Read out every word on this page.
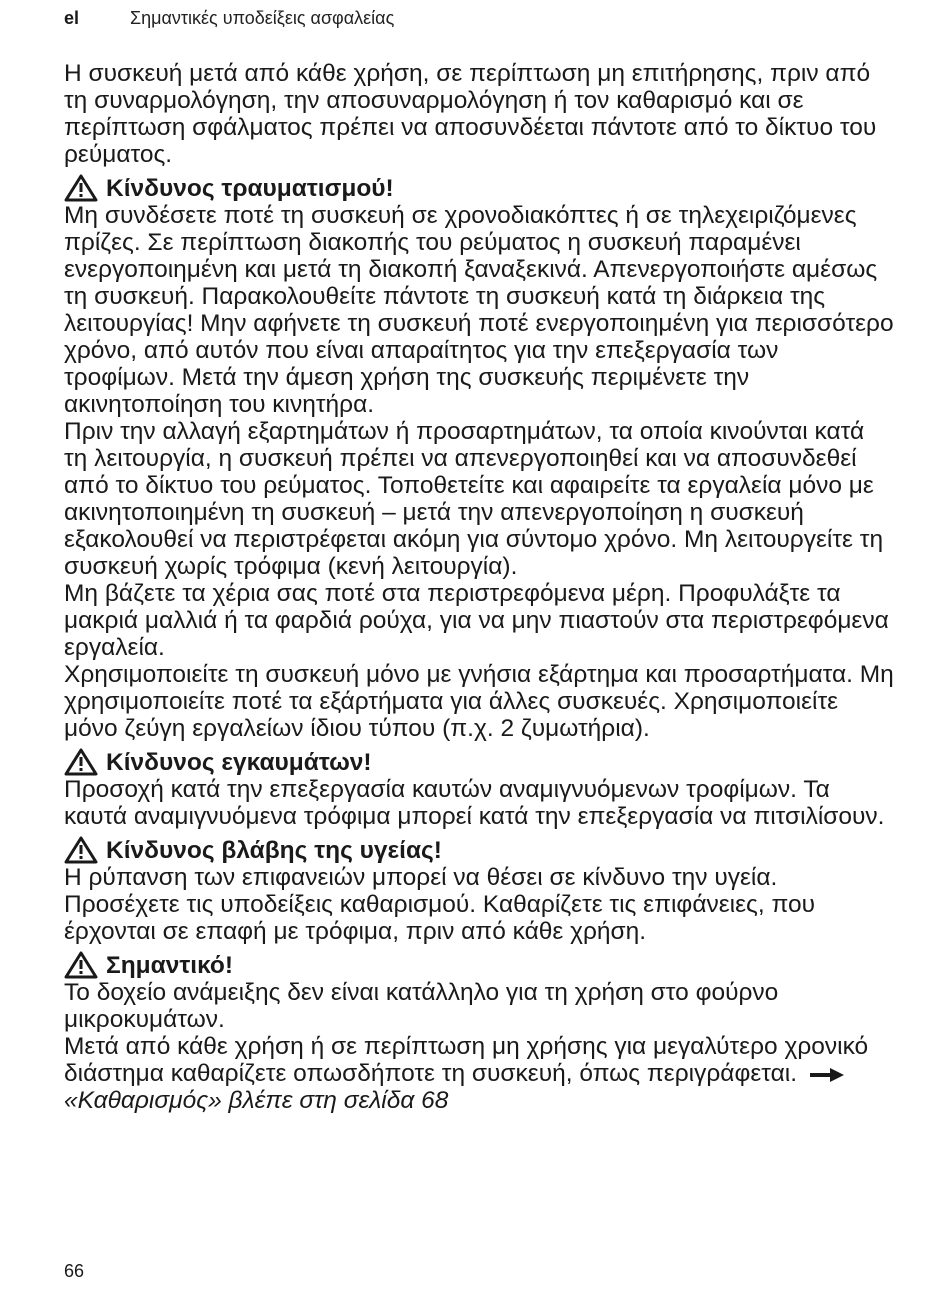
el	Σημαντικές υποδείξεις ασφαλείας

Η συσκευή μετά από κάθε χρήση, σε περίπτωση μη επιτήρησης, πριν από τη συναρμολόγηση, την αποσυναρμολόγηση ή τον καθαρισμό και σε περίπτωση σφάλματος πρέπει να αποσυνδέεται πάντοτε από το δίκτυο του ρεύματος.

Κίνδυνος τραυματισμού!

Μη συνδέσετε ποτέ τη συσκευή σε χρονοδιακόπτες ή σε τηλεχειριζόμενες πρίζες. Σε περίπτωση διακοπής του ρεύματος η συσκευή παραμένει ενεργοποιημένη και μετά τη διακοπή ξαναξεκινά. Απενεργοποιήστε αμέσως τη συσκευή. Παρακολουθείτε πάντοτε τη συσκευή κατά τη διάρκεια της λειτουργίας! Μην αφήνετε τη συσκευή ποτέ ενεργοποιημένη για περισσότερο χρόνο, από αυτόν που είναι απαραίτητος για την επεξεργασία των τροφίμων. Μετά την άμεση χρήση της συσκευής περιμένετε την ακινητοποίηση του κινητήρα.

Πριν την αλλαγή εξαρτημάτων ή προσαρτημάτων, τα οποία κινούνται κατά τη λειτουργία, η συσκευή πρέπει να απενεργοποιηθεί και να αποσυνδεθεί από το δίκτυο του ρεύματος. Τοποθετείτε και αφαιρείτε τα εργαλεία μόνο με ακινητοποιημένη τη συσκευή – μετά την απενεργοποίηση η συσκευή εξακολουθεί να περιστρέφεται ακόμη για σύντομο χρόνο. Μη λειτουργείτε τη συσκευή χωρίς τρόφιμα (κενή λειτουργία).

Μη βάζετε τα χέρια σας ποτέ στα περιστρεφόμενα μέρη. Προφυλάξτε τα μακριά μαλλιά ή τα φαρδιά ρούχα, για να μην πιαστούν στα περιστρεφόμενα εργαλεία.

Χρησιμοποιείτε τη συσκευή μόνο με γνήσια εξάρτημα και προσαρτήματα. Μη χρησιμοποιείτε ποτέ τα εξάρτήματα για άλλες συσκευές. Χρησιμοποιείτε μόνο ζεύγη εργαλείων ίδιου τύπου (π.χ. 2 ζυμωτήρια).

Κίνδυνος εγκαυμάτων!

Προσοχή κατά την επεξεργασία καυτών αναμιγνυόμενων τροφίμων. Τα καυτά αναμιγνυόμενα τρόφιμα μπορεί κατά την επεξεργασία να πιτσιλίσουν.

Κίνδυνος βλάβης της υγείας!

Η ρύπανση των επιφανειών μπορεί να θέσει σε κίνδυνο την υγεία. Προσέχετε τις υποδείξεις καθαρισμού. Καθαρίζετε τις επιφάνειες, που έρχονται σε επαφή με τρόφιμα, πριν από κάθε χρήση.

Σημαντικό!

Το δοχείο ανάμειξης δεν είναι κατάλληλο για τη χρήση στο φούρνο μικροκυμάτων.

Μετά από κάθε χρήση ή σε περίπτωση μη χρήσης για μεγαλύτερο χρονικό διάστημα καθαρίζετε οπωσδήποτε τη συσκευή, όπως περιγράφεται. «Καθαρισμός» βλέπε στη σελίδα 68

66
